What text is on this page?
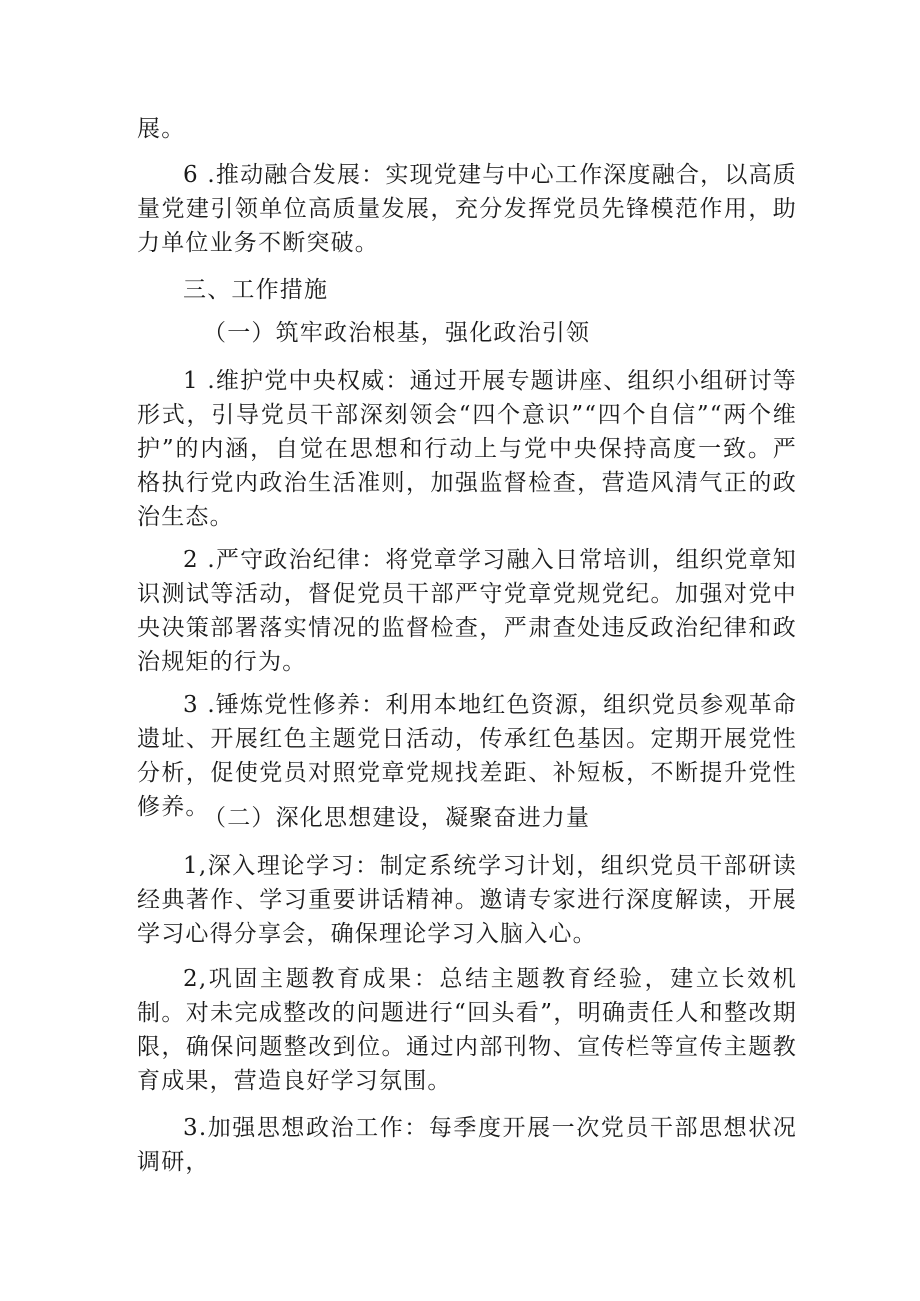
展。

6 .推动融合发展：实现党建与中心工作深度融合，以高质量党建引领单位高质量发展，充分发挥党员先锋模范作用，助力单位业务不断突破。

三、工作措施

（一）筑牢政治根基，强化政治引领

1 .维护党中央权威：通过开展专题讲座、组织小组研讨等形式，引导党员干部深刻领会“四个意识”“四个自信”“两个维护”的内涵，自觉在思想和行动上与党中央保持高度一致。严格执行党内政治生活准则，加强监督检查，营造风清气正的政治生态。

2 .严守政治纪律：将党章学习融入日常培训，组织党章知识测试等活动，督促党员干部严守党章党规党纪。加强对党中央决策部署落实情况的监督检查，严肃查处违反政治纪律和政治规矩的行为。

3 .锤炼党性修养：利用本地红色资源，组织党员参观革命遗址、开展红色主题党日活动，传承红色基因。定期开展党性分析，促使党员对照党章党规找差距、补短板，不断提升党性修养。

（二）深化思想建设，凝聚奋进力量

1,深入理论学习：制定系统学习计划，组织党员干部研读经典著作、学习重要讲话精神。邀请专家进行深度解读，开展学习心得分享会，确保理论学习入脑入心。

2,巩固主题教育成果：总结主题教育经验，建立长效机制。对未完成整改的问题进行“回头看”，明确责任人和整改期限，确保问题整改到位。通过内部刊物、宣传栏等宣传主题教育成果，营造良好学习氛围。

3.加强思想政治工作：每季度开展一次党员干部思想状况调研，
